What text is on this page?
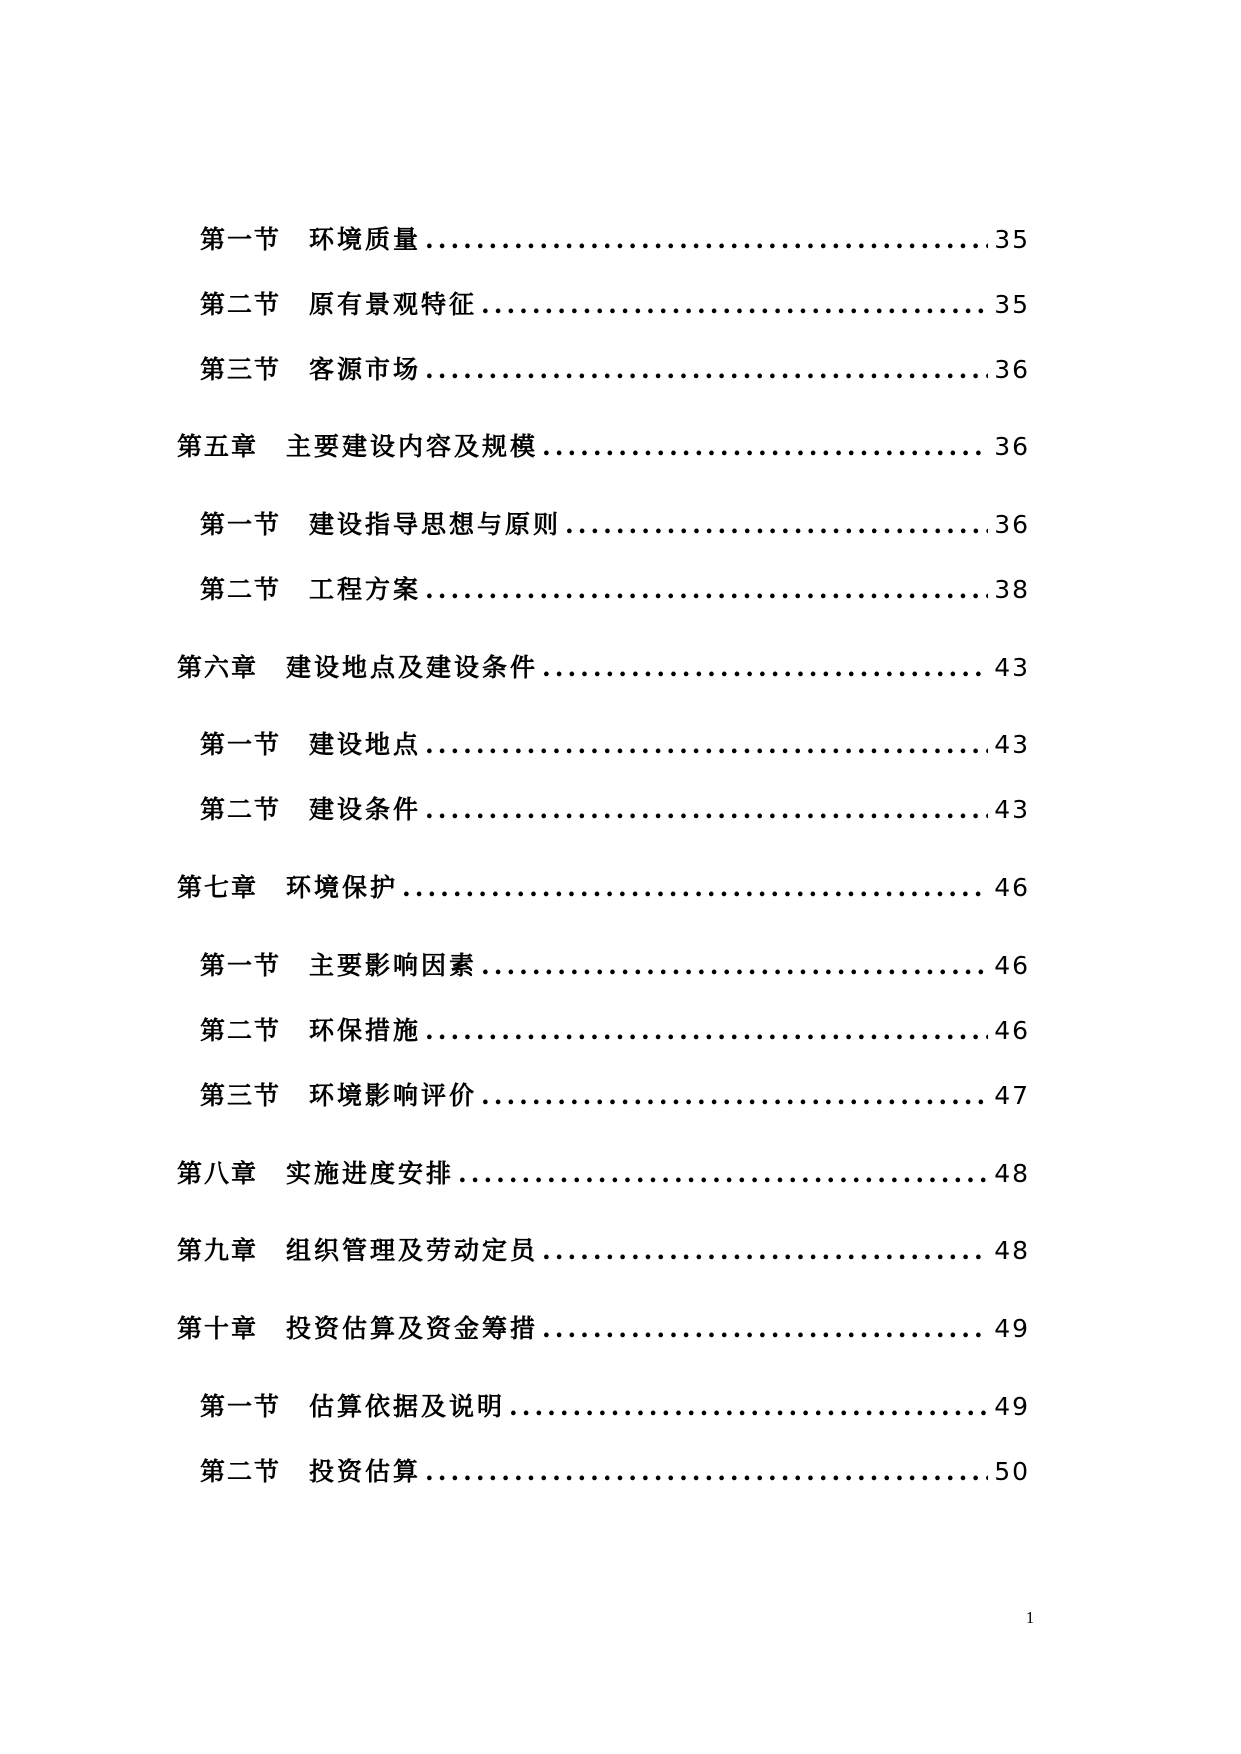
第一节 环境质量 .....	35
第二节 原有景观特征 .....	35
第三节 客源市场 .....	36
第五章 主要建设内容及规模 .....	36
第一节 建设指导思想与原则 .....	36
第二节 工程方案 .....	38
第六章 建设地点及建设条件 .....	43
第一节 建设地点 .....	43
第二节 建设条件 .....	43
第七章 环境保护 .....	46
第一节 主要影响因素 .....	46
第二节 环保措施 .....	46
第三节 环境影响评价 .....	47
第八章 实施进度安排 .....	48
第九章 组织管理及劳动定员 .....	48
第十章 投资估算及资金筹措 .....	49
第一节 估算依据及说明 .....	49
第二节 投资估算 .....	50
1
